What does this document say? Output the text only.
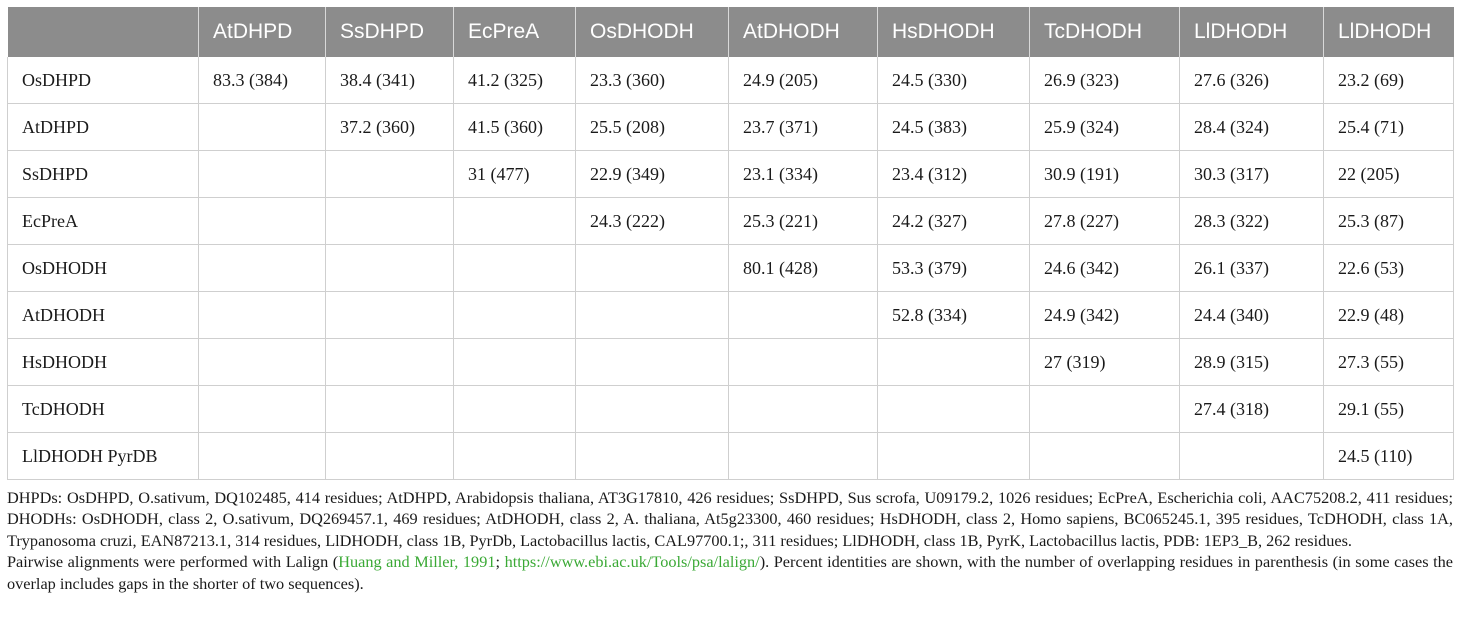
	AtDHPD	SsDHPD	EcPreA	OsDHODH	AtDHODH	HsDHODH	TcDHODH	LlDHODH	LlDHODH
OsDHPD	83.3 (384)	38.4 (341)	41.2 (325)	23.3 (360)	24.9 (205)	24.5 (330)	26.9 (323)	27.6 (326)	23.2 (69)
AtDHPD		37.2 (360)	41.5 (360)	25.5 (208)	23.7 (371)	24.5 (383)	25.9 (324)	28.4 (324)	25.4 (71)
SsDHPD			31 (477)	22.9 (349)	23.1 (334)	23.4 (312)	30.9 (191)	30.3 (317)	22 (205)
EcPreA				24.3 (222)	25.3 (221)	24.2 (327)	27.8 (227)	28.3 (322)	25.3 (87)
OsDHODH					80.1 (428)	53.3 (379)	24.6 (342)	26.1 (337)	22.6 (53)
AtDHODH						52.8 (334)	24.9 (342)	24.4 (340)	22.9 (48)
HsDHODH							27 (319)	28.9 (315)	27.3 (55)
TcDHODH								27.4 (318)	29.1 (55)
LlDHODH PyrDB									24.5 (110)

DHPDs: OsDHPD, O.sativum, DQ102485, 414 residues; AtDHPD, Arabidopsis thaliana, AT3G17810, 426 residues; SsDHPD, Sus scrofa, U09179.2, 1026 residues; EcPreA, Escherichia coli, AAC75208.2, 411 residues; DHODHs: OsDHODH, class 2, O.sativum, DQ269457.1, 469 residues; AtDHODH, class 2, A. thaliana, At5g23300, 460 residues; HsDHODH, class 2, Homo sapiens, BC065245.1, 395 residues, TcDHODH, class 1A, Trypanosoma cruzi, EAN87213.1, 314 residues, LlDHODH, class 1B, PyrDb, Lactobacillus lactis, CAL97700.1;, 311 residues; LlDHODH, class 1B, PyrK, Lactobacillus lactis, PDB: 1EP3_B, 262 residues.

Pairwise alignments were performed with Lalign (Huang and Miller, 1991; https://www.ebi.ac.uk/Tools/psa/lalign/). Percent identities are shown, with the number of overlapping residues in parenthesis (in some cases the overlap includes gaps in the shorter of two sequences).
